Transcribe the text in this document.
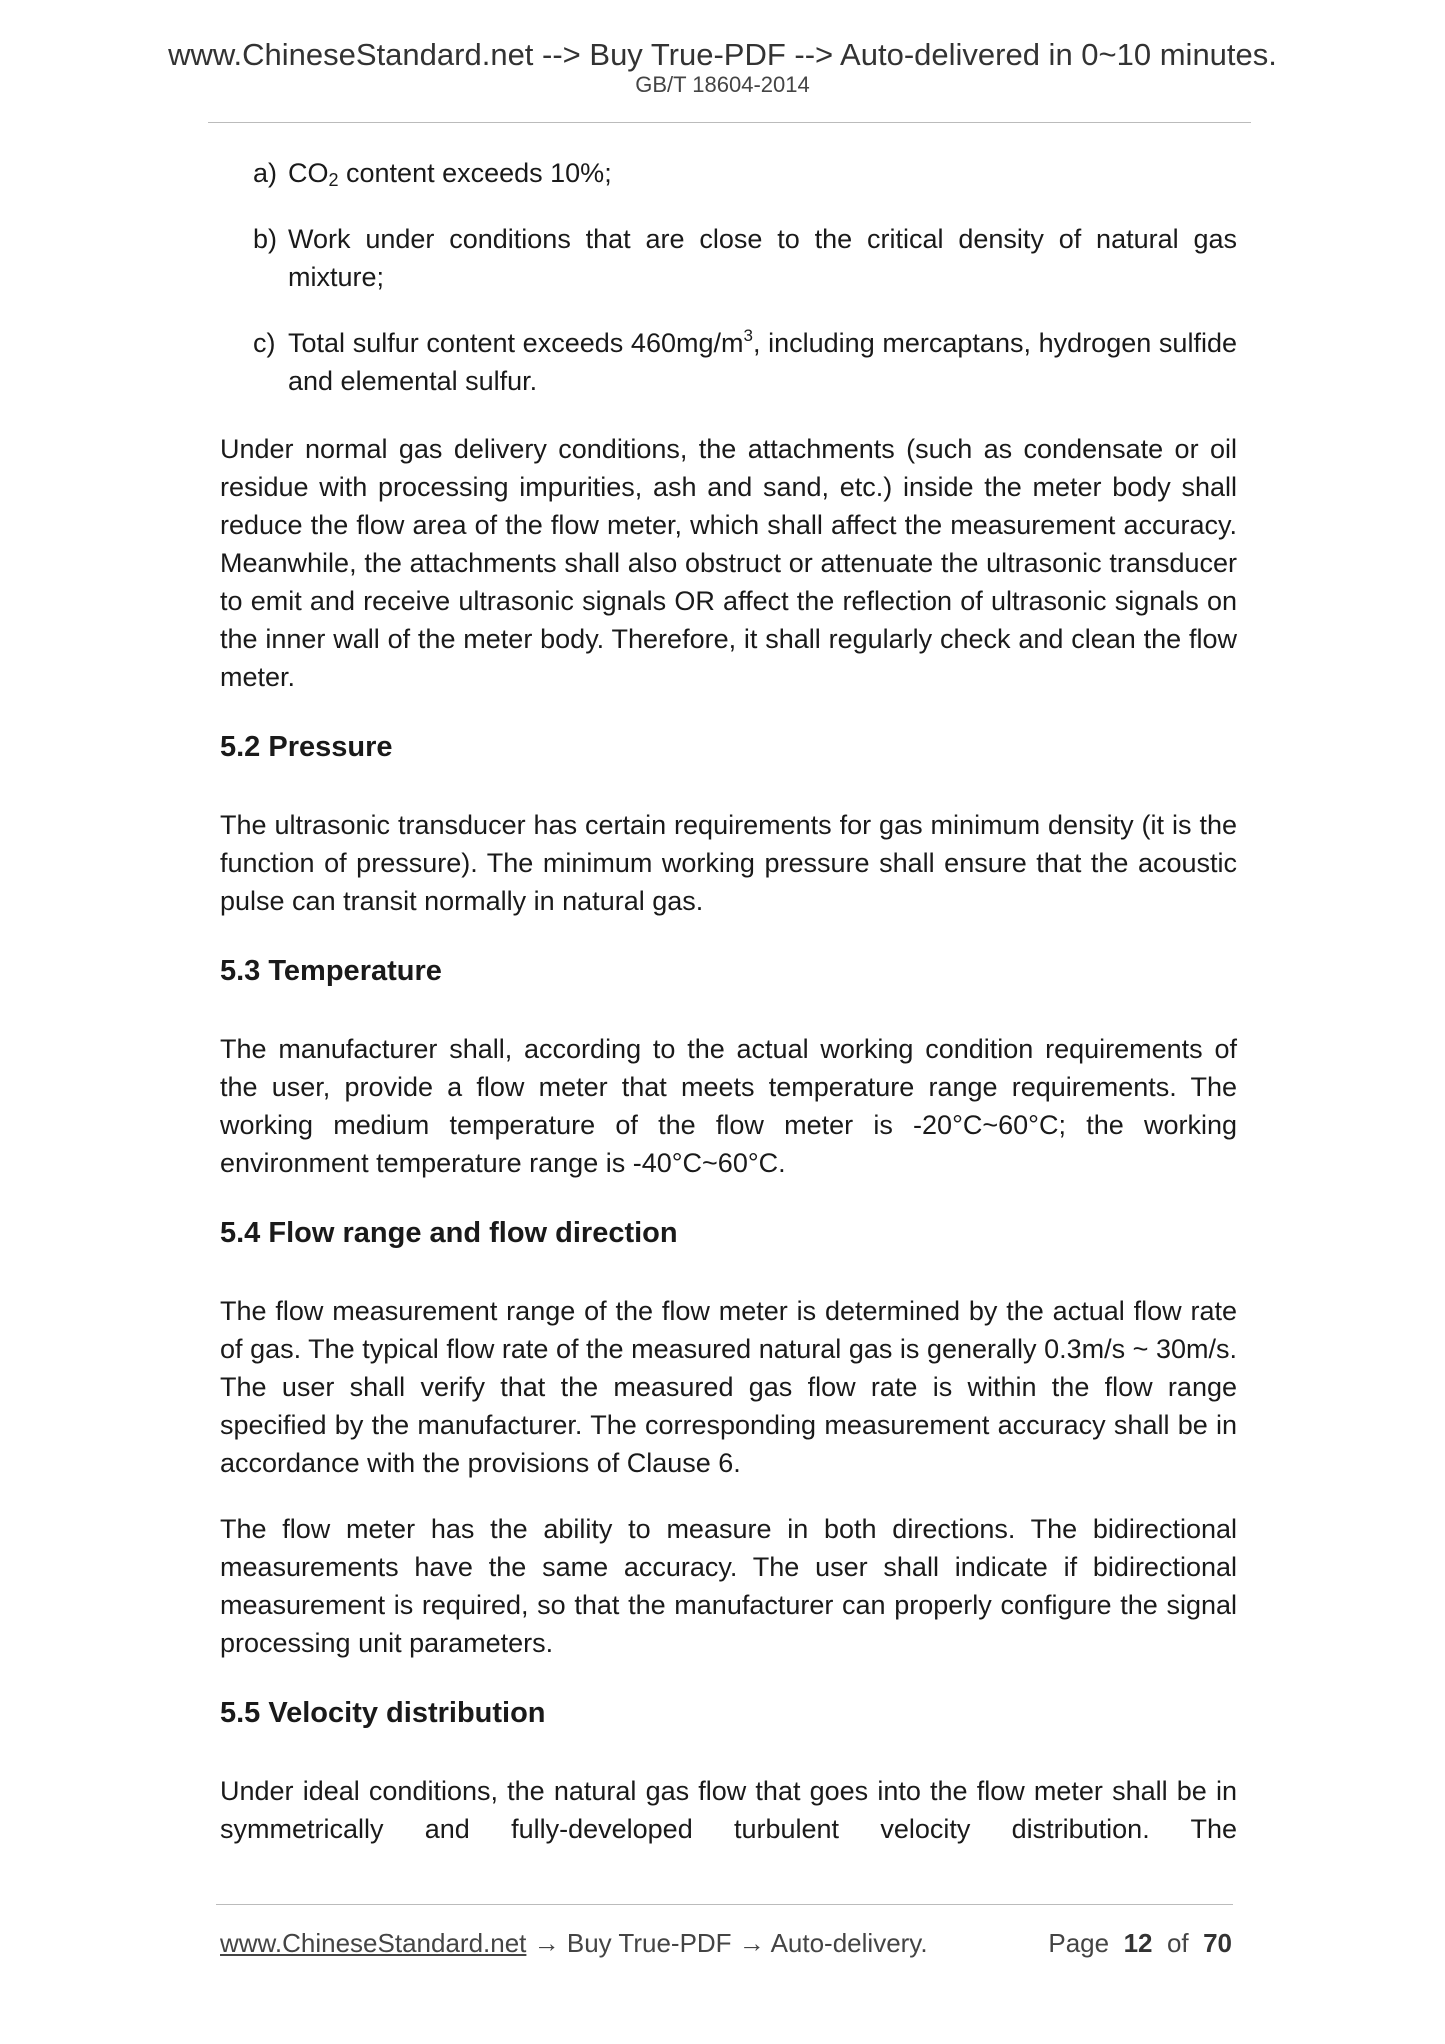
www.ChineseStandard.net --> Buy True-PDF --> Auto-delivered in 0~10 minutes.
GB/T 18604-2014
a) $CO_2$ content exceeds 10%;
b) Work under conditions that are close to the critical density of natural gas mixture;
c) Total sulfur content exceeds $460mg/m^3$, including mercaptans, hydrogen sulfide and elemental sulfur.

Under normal gas delivery conditions, the attachments (such as condensate or oil residue with processing impurities, ash and sand, etc.) inside the meter body shall reduce the flow area of the flow meter, which shall affect the measurement accuracy. Meanwhile, the attachments shall also obstruct or attenuate the ultrasonic transducer to emit and receive ultrasonic signals OR affect the reflection of ultrasonic signals on the inner wall of the meter body. Therefore, it shall regularly check and clean the flow meter.

5.2 Pressure

The ultrasonic transducer has certain requirements for gas minimum density (it is the function of pressure). The minimum working pressure shall ensure that the acoustic pulse can transit normally in natural gas.

5.3 Temperature

The manufacturer shall, according to the actual working condition requirements of the user, provide a flow meter that meets temperature range requirements. The working medium temperature of the flow meter is -20°C~60°C; the working environment temperature range is -40°C~60°C.

5.4 Flow range and flow direction

The flow measurement range of the flow meter is determined by the actual flow rate of gas. The typical flow rate of the measured natural gas is generally 0.3m/s ~ 30m/s. The user shall verify that the measured gas flow rate is within the flow range specified by the manufacturer. The corresponding measurement accuracy shall be in accordance with the provisions of Clause 6.

The flow meter has the ability to measure in both directions. The bidirectional measurements have the same accuracy. The user shall indicate if bidirectional measurement is required, so that the manufacturer can properly configure the signal processing unit parameters.

5.5 Velocity distribution

Under ideal conditions, the natural gas flow that goes into the flow meter shall be in symmetrically and fully-developed turbulent velocity distribution. The

www.ChineseStandard.net → Buy True-PDF → Auto-delivery.	Page 12 of 70
